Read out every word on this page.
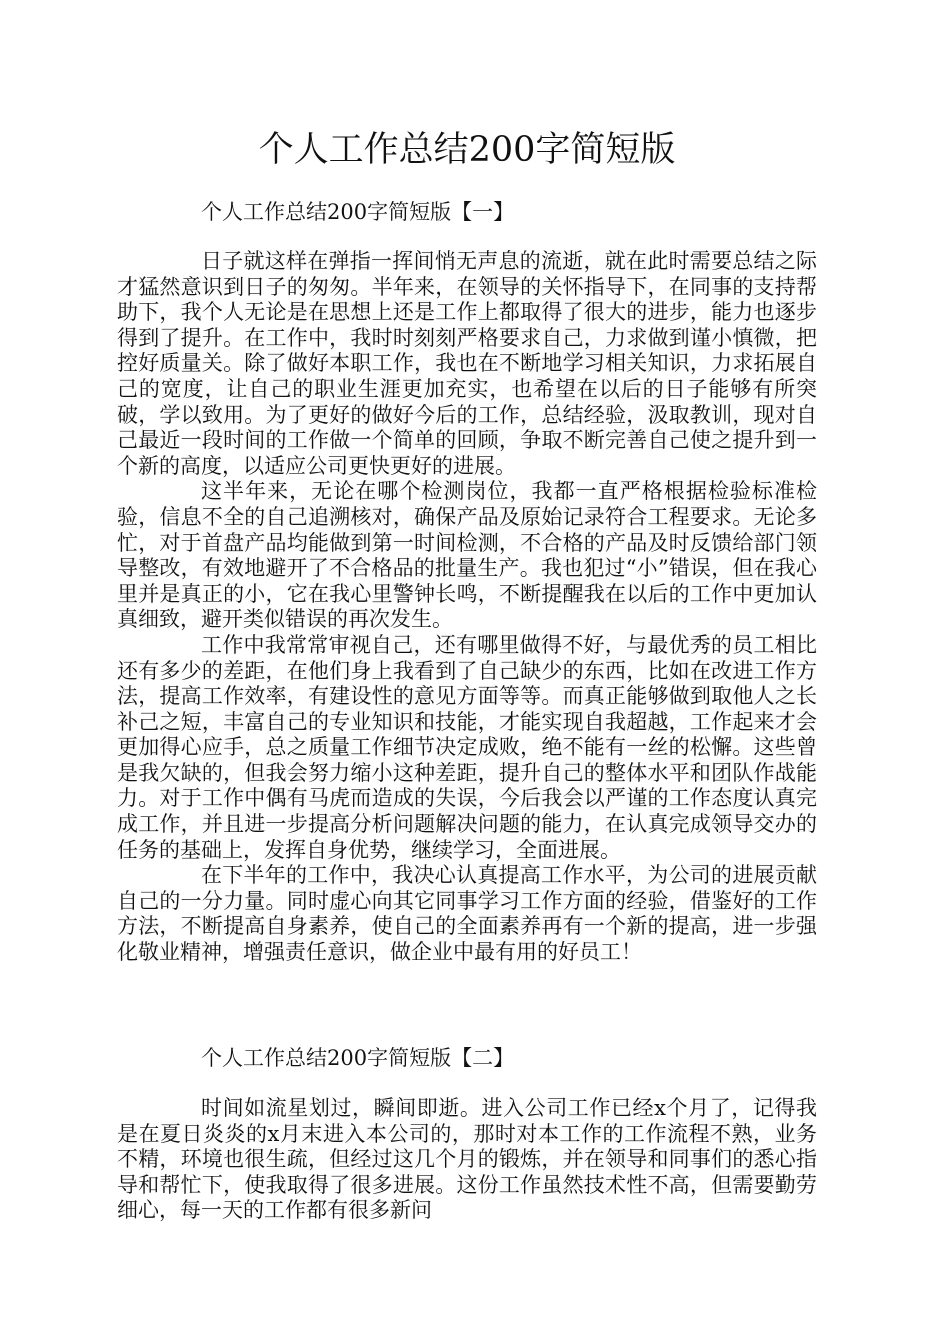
个人工作总结200字简短版

个人工作总结200字简短版【一】

日子就这样在弹指一挥间悄无声息的流逝，就在此时需要总结之际才猛然意识到日子的匆匆。半年来，在领导的关怀指导下，在同事的支持帮助下，我个人无论是在思想上还是工作上都取得了很大的进步，能力也逐步得到了提升。在工作中，我时时刻刻严格要求自己，力求做到谨小慎微，把控好质量关。除了做好本职工作，我也在不断地学习相关知识，力求拓展自己的宽度，让自己的职业生涯更加充实，也希望在以后的日子能够有所突破，学以致用。为了更好的做好今后的工作，总结经验，汲取教训，现对自己最近一段时间的工作做一个简单的回顾，争取不断完善自己使之提升到一个新的高度，以适应公司更快更好的进展。

这半年来，无论在哪个检测岗位，我都一直严格根据检验标准检验，信息不全的自己追溯核对，确保产品及原始记录符合工程要求。无论多忙，对于首盘产品均能做到第一时间检测，不合格的产品及时反馈给部门领导整改，有效地避开了不合格品的批量生产。我也犯过“小”错误，但在我心里并是真正的小，它在我心里警钟长鸣，不断提醒我在以后的工作中更加认真细致，避开类似错误的再次发生。

工作中我常常审视自己，还有哪里做得不好，与最优秀的员工相比还有多少的差距，在他们身上我看到了自己缺少的东西，比如在改进工作方法，提高工作效率，有建设性的意见方面等等。而真正能够做到取他人之长补己之短，丰富自己的专业知识和技能，才能实现自我超越，工作起来才会更加得心应手，总之质量工作细节决定成败，绝不能有一丝的松懈。这些曾是我欠缺的，但我会努力缩小这种差距，提升自己的整体水平和团队作战能力。对于工作中偶有马虎而造成的失误，今后我会以严谨的工作态度认真完成工作，并且进一步提高分析问题解决问题的能力，在认真完成领导交办的任务的基础上，发挥自身优势，继续学习，全面进展。

在下半年的工作中，我决心认真提高工作水平，为公司的进展贡献自己的一分力量。同时虚心向其它同事学习工作方面的经验，借鉴好的工作方法，不断提高自身素养，使自己的全面素养再有一个新的提高，进一步强化敬业精神，增强责任意识，做企业中最有用的好员工！

个人工作总结200字简短版【二】

时间如流星划过，瞬间即逝。进入公司工作已经x个月了，记得我是在夏日炎炎的x月末进入本公司的，那时对本工作的工作流程不熟，业务不精，环境也很生疏，但经过这几个月的锻炼，并在领导和同事们的悉心指导和帮忙下，使我取得了很多进展。这份工作虽然技术性不高，但需要勤劳细心，每一天的工作都有很多新问
